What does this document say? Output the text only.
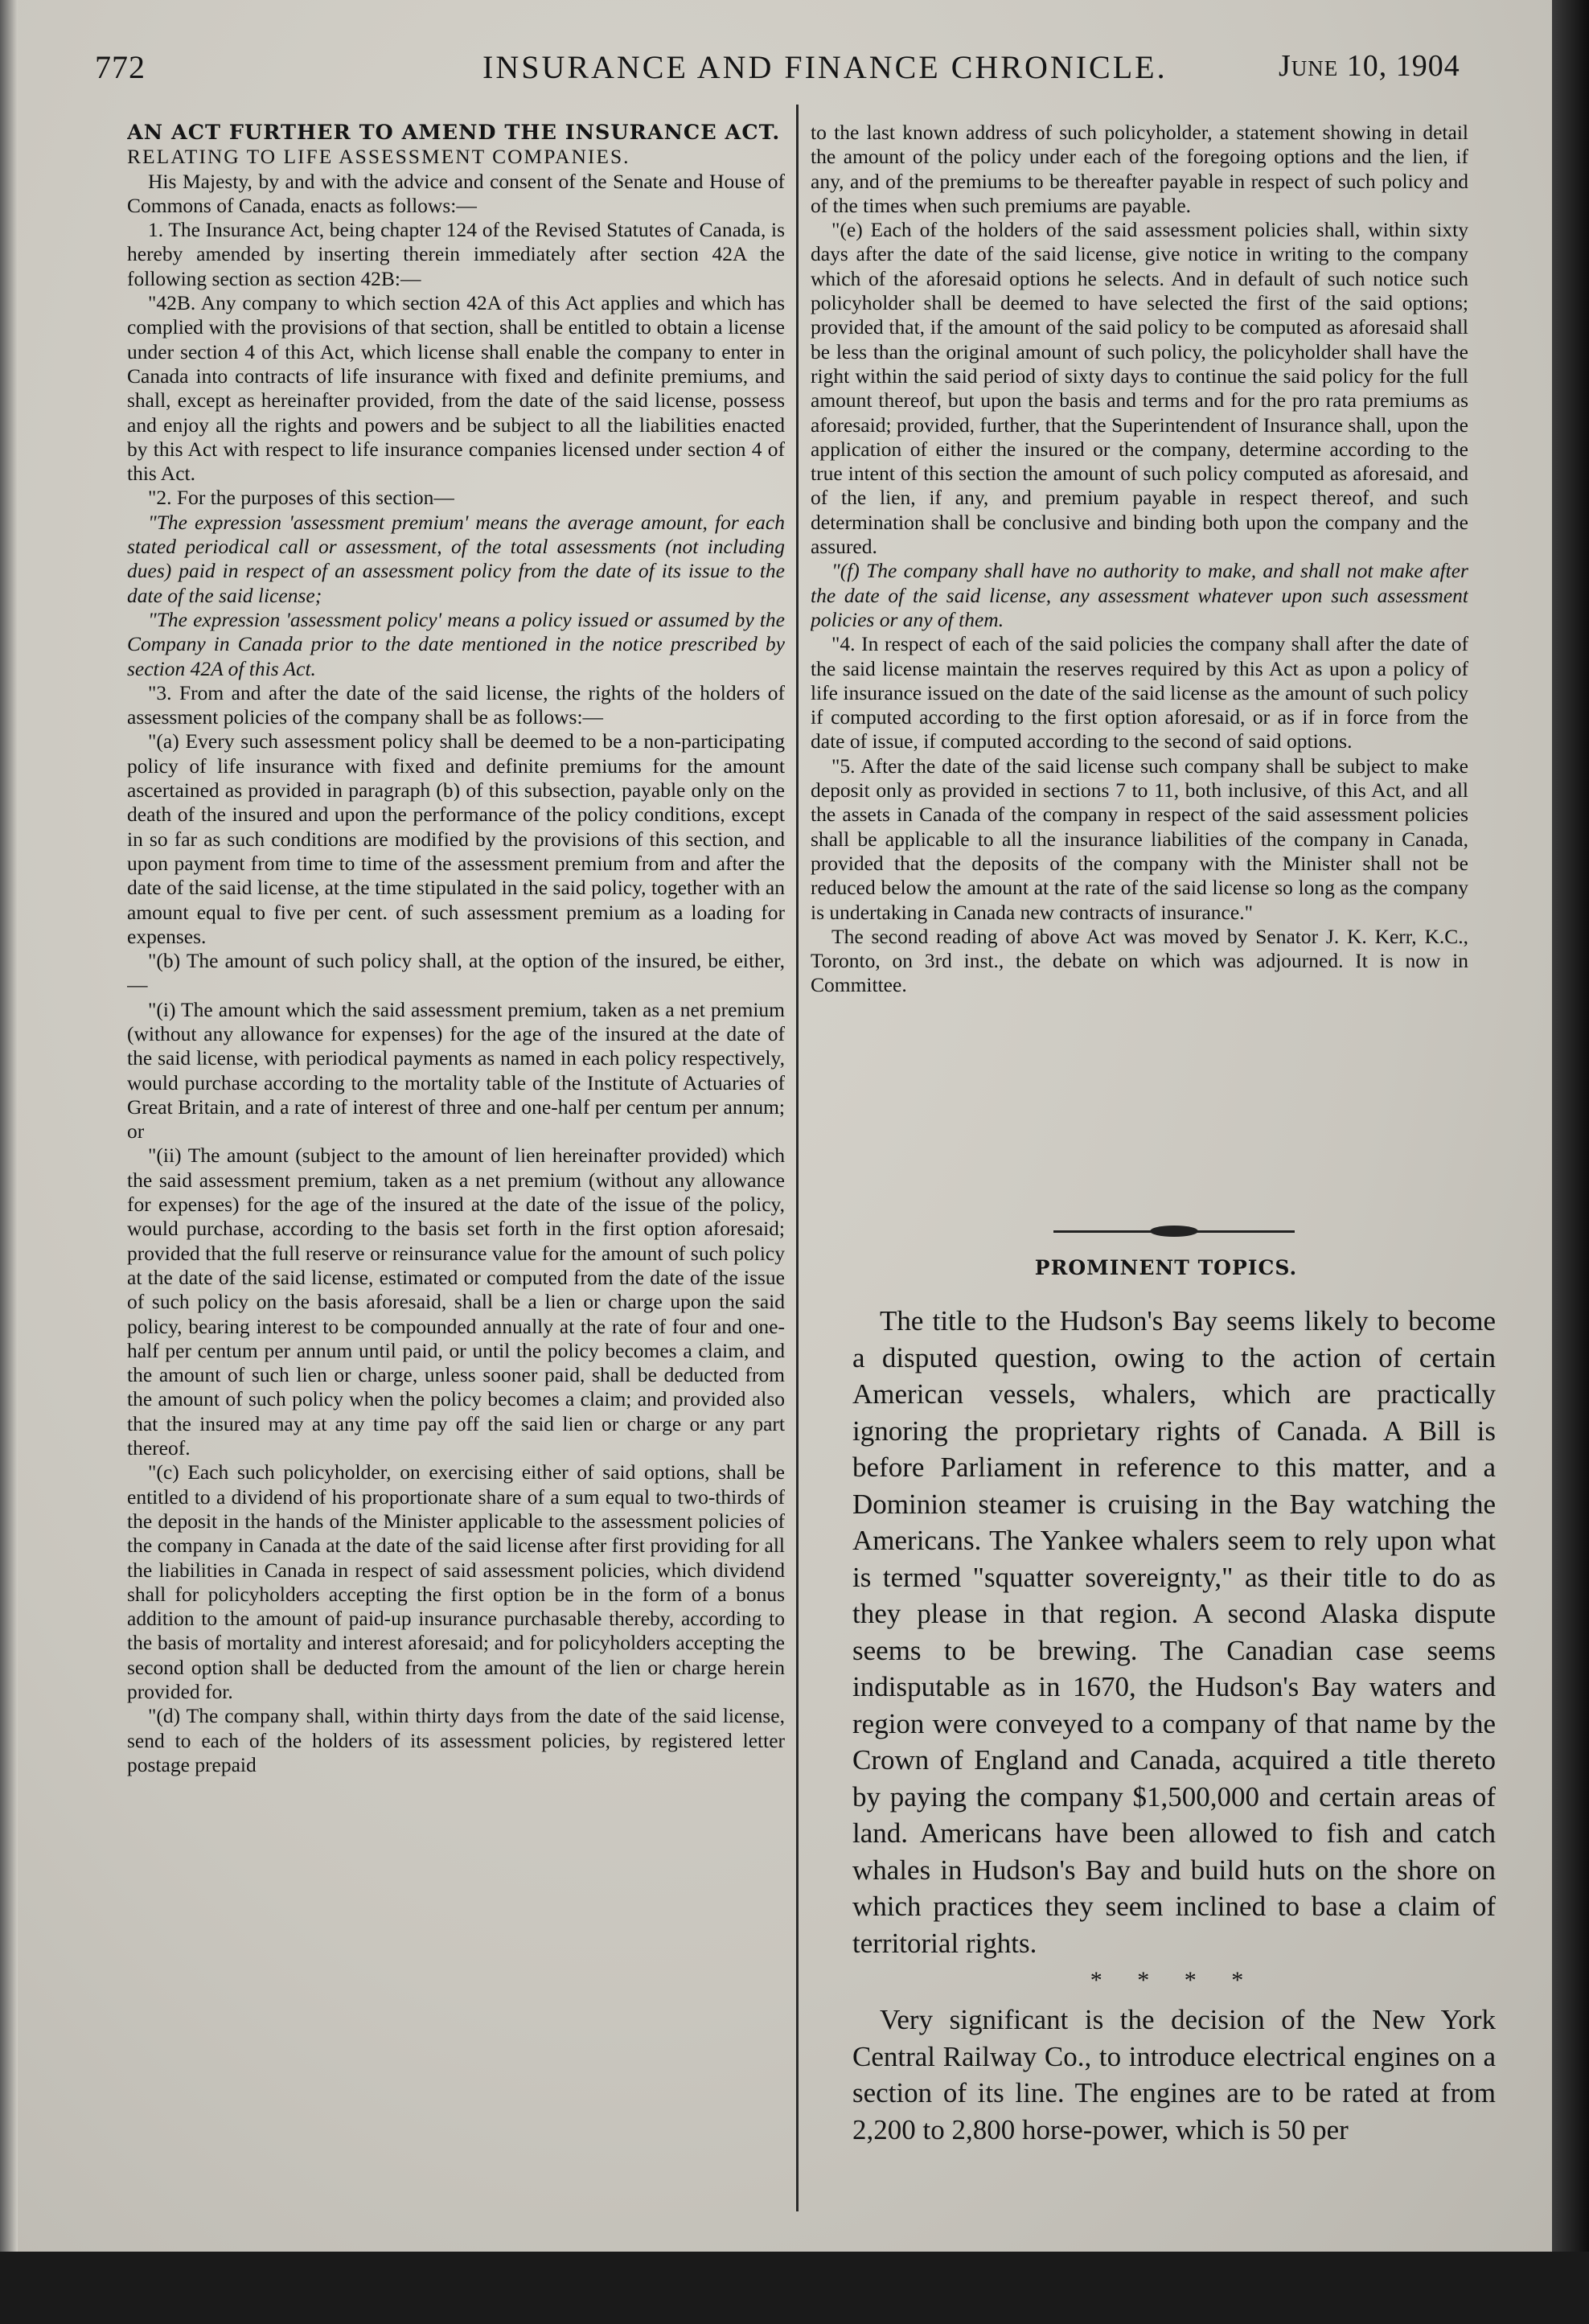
772	INSURANCE AND FINANCE CHRONICLE.	June 10, 1904

AN ACT FURTHER TO AMEND THE INSURANCE ACT.

RELATING TO LIFE ASSESSMENT COMPANIES.

His Majesty, by and with the advice and consent of the Senate and House of Commons of Canada, enacts as follows:—

1. The Insurance Act, being chapter 124 of the Revised Statutes of Canada, is hereby amended by inserting therein immediately after section 42A the following section as section 42B:—

"42B. Any company to which section 42A of this Act applies and which has complied with the provisions of that section, shall be entitled to obtain a license under section 4 of this Act, which license shall enable the company to enter in Canada into contracts of life insurance with fixed and definite premiums, and shall, except as hereinafter provided, from the date of the said license, possess and enjoy all the rights and powers and be subject to all the liabilities enacted by this Act with respect to life insurance companies licensed under section 4 of this Act.

"2. For the purposes of this section—

"The expression 'assessment premium' means the average amount, for each stated periodical call or assessment, of the total assessments (not including dues) paid in respect of an assessment policy from the date of its issue to the date of the said license;

"The expression 'assessment policy' means a policy issued or assumed by the Company in Canada prior to the date mentioned in the notice prescribed by section 42A of this Act.

"3. From and after the date of the said license, the rights of the holders of assessment policies of the company shall be as follows:—

"(a) Every such assessment policy shall be deemed to be a non-participating policy of life insurance with fixed and definite premiums for the amount ascertained as provided in paragraph (b) of this subsection, payable only on the death of the insured and upon the performance of the policy conditions, except in so far as such conditions are modified by the provisions of this section, and upon payment from time to time of the assessment premium from and after the date of the said license, at the time stipulated in the said policy, together with an amount equal to five per cent. of such assessment premium as a loading for expenses.

"(b) The amount of such policy shall, at the option of the insured, be either,—

"(i) The amount which the said assessment premium, taken as a net premium (without any allowance for expenses) for the age of the insured at the date of the said license, with periodical payments as named in each policy respectively, would purchase according to the mortality table of the Institute of Actuaries of Great Britain, and a rate of interest of three and one-half per centum per annum; or

"(ii) The amount (subject to the amount of lien hereinafter provided) which the said assessment premium, taken as a net premium (without any allowance for expenses) for the age of the insured at the date of the issue of the policy, would purchase, according to the basis set forth in the first option aforesaid; provided that the full reserve or reinsurance value for the amount of such policy at the date of the said license, estimated or computed from the date of the issue of such policy on the basis aforesaid, shall be a lien or charge upon the said policy, bearing interest to be compounded annually at the rate of four and one-half per centum per annum until paid, or until the policy becomes a claim, and the amount of such lien or charge, unless sooner paid, shall be deducted from the amount of such policy when the policy becomes a claim; and provided also that the insured may at any time pay off the said lien or charge or any part thereof.

"(c) Each such policyholder, on exercising either of said options, shall be entitled to a dividend of his proportionate share of a sum equal to two-thirds of the deposit in the hands of the Minister applicable to the assessment policies of the company in Canada at the date of the said license after first providing for all the liabilities in Canada in respect of said assessment policies, which dividend shall for policyholders accepting the first option be in the form of a bonus addition to the amount of paid-up insurance purchasable thereby, according to the basis of mortality and interest aforesaid; and for policyholders accepting the second option shall be deducted from the amount of the lien or charge herein provided for.

"(d) The company shall, within thirty days from the date of the said license, send to each of the holders of its assessment policies, by registered letter postage prepaid

to the last known address of such policyholder, a statement showing in detail the amount of the policy under each of the foregoing options and the lien, if any, and of the premiums to be thereafter payable in respect of such policy and of the times when such premiums are payable.

"(e) Each of the holders of the said assessment policies shall, within sixty days after the date of the said license, give notice in writing to the company which of the aforesaid options he selects. And in default of such notice such policyholder shall be deemed to have selected the first of the said options; provided that, if the amount of the said policy to be computed as aforesaid shall be less than the original amount of such policy, the policyholder shall have the right within the said period of sixty days to continue the said policy for the full amount thereof, but upon the basis and terms and for the pro rata premiums as aforesaid; provided, further, that the Superintendent of Insurance shall, upon the application of either the insured or the company, determine according to the true intent of this section the amount of such policy computed as aforesaid, and of the lien, if any, and premium payable in respect thereof, and such determination shall be conclusive and binding both upon the company and the assured.

"(f) The company shall have no authority to make, and shall not make after the date of the said license, any assessment whatever upon such assessment policies or any of them.

"4. In respect of each of the said policies the company shall after the date of the said license maintain the reserves required by this Act as upon a policy of life insurance issued on the date of the said license as the amount of such policy if computed according to the first option aforesaid, or as if in force from the date of issue, if computed according to the second of said options.

"5. After the date of the said license such company shall be subject to make deposit only as provided in sections 7 to 11, both inclusive, of this Act, and all the assets in Canada of the company in respect of the said assessment policies shall be applicable to all the insurance liabilities of the company in Canada, provided that the deposits of the company with the Minister shall not be reduced below the amount at the rate of the said license so long as the company is undertaking in Canada new contracts of insurance."

The second reading of above Act was moved by Senator J. K. Kerr, K.C., Toronto, on 3rd inst., the debate on which was adjourned. It is now in Committee.

PROMINENT TOPICS.

The title to the Hudson's Bay seems likely to become a disputed question, owing to the action of certain American vessels, whalers, which are practically ignoring the proprietary rights of Canada. A Bill is before Parliament in reference to this matter, and a Dominion steamer is cruising in the Bay watching the Americans. The Yankee whalers seem to rely upon what is termed "squatter sovereignty," as their title to do as they please in that region. A second Alaska dispute seems to be brewing. The Canadian case seems indisputable as in 1670, the Hudson's Bay waters and region were conveyed to a company of that name by the Crown of England and Canada, acquired a title thereto by paying the company $1,500,000 and certain areas of land. Americans have been allowed to fish and catch whales in Hudson's Bay and build huts on the shore on which practices they seem inclined to base a claim of territorial rights.

* * * *

Very significant is the decision of the New York Central Railway Co., to introduce electrical engines on a section of its line. The engines are to be rated at from 2,200 to 2,800 horse-power, which is 50 per
